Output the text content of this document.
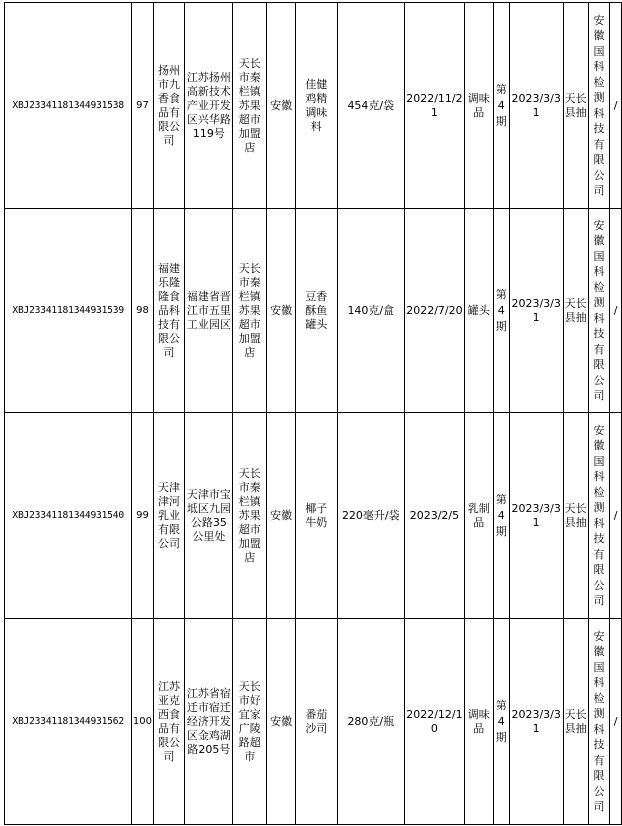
XBJ23341181344931538	97	扬州市九香食品有限公司	江苏扬州高新技术产业开发区兴华路119号	天长市秦栏镇苏果超市加盟店	安徽	佳健鸡精调味料	454克/袋	2022/11/21	调味品	第4期	2023/3/31	天长县抽	安徽国科检测科技有限公司	/
XBJ23341181344931539	98	福建乐隆隆食品科技有限公司	福建省晋江市五里工业园区	天长市秦栏镇苏果超市加盟店	安徽	豆香酥鱼罐头	140克/盒	2022/7/20	罐头	第4期	2023/3/31	天长县抽	安徽国科检测科技有限公司	/
XBJ23341181344931540	99	天津津河乳业有限公司	天津市宝坻区九园公路35公里处	天长市秦栏镇苏果超市加盟店	安徽	椰子牛奶	220毫升/袋	2023/2/5	乳制品	第4期	2023/3/31	天长县抽	安徽国科检测科技有限公司	/
XBJ23341181344931562	100	江苏亚克西食品有限公司	江苏省宿迁市宿迁经济开发区金鸡湖路205号	天长市好宜家广陵路超市	安徽	番茄沙司	280克/瓶	2022/12/10	调味品	第4期	2023/3/31	天长县抽	安徽国科检测科技有限公司	/
